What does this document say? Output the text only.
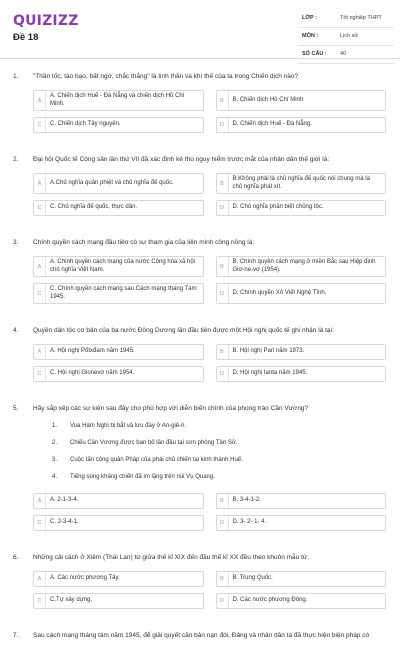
QUIZIZZ
Đề 18
LỚP :	Tốt nghiệp THPT
MÔN :	Lịch sử
SỐ CÂU : 40
1.	"Thần tốc, táo bạo, bất ngờ, chắc thắng" là tinh thần và khí thế của ta trong Chiến dịch nào?
A
A. Chiến dịch Huế - Đà Nẵng và chiến dịch Hồ Chí Minh.	B	B. Chiến dịch Hồ Chí Minh
C	C. Chiến dịch Tây nguyên.	D	D. Chiến dịch Huế - Đà Nẵng.
2.	Đại hội Quốc tế Cộng sản lần thứ VII đã xác định kẻ thù nguy hiểm trước mắt của nhân dân thế giới là:
A	A.Chủ nghĩa quân phiệt và chủ nghĩa đế quốc.	B
B.Không phải là chủ nghĩa đế quốc nói chung mà là chủ nghĩa phát xít.
C	C. Chủ nghĩa đế quốc, thực dân.	D	D. Chủ nghĩa phân biệt chủng tộc.
3.	Chính quyền cách mạng đầu tiên có sự tham gia của liên minh công nông là:
A
A. Chính quyền cách mạng của nước Cộng hòa xã hội chủ nghĩa Việt Nam.	B
B. Chính quyền cách mạng ở miền Bắc sau Hiệp định Giơ-ne-vơ (1954).
C
C. Chính quyền cách mạng sau Cách mạng tháng Tám 1945.	D	D. Chính quyền Xô Viết Nghệ Tĩnh.
4.	Quyền dân tộc cơ bản của ba nước Đông Dương lần đầu tiên được một Hội nghị quốc tế ghi nhận là tại:
A	A. Hội nghị Pốtxđam năm 1945.	B	B. Hội nghị Pari năm 1973.
C	C. Hội nghị Gionevơ năm 1954.	D	D. Hội nghị Ianta năm 1945.
5.	Hãy sắp xếp các sự kiện sau đây cho phù hợp với diễn biến chính của phong trào Cần Vương?
1.	Vua Hàm Nghi bị bắt và lưu đày ở An-giê-ri.
2.	Chiếu Cần Vương được ban bố lần đầu tại sơn phòng Tân Sở.
3.	Cuộc tấn công quân Pháp của phái chủ chiến tại kinh thành Huế.
4.	Tiếng súng kháng chiến đã im lặng trên núi Vụ Quang.
A	A. 2-1-3-4.	B	B. 3-4-1-2.
C	C. 2-3-4-1.	D	D. 3- 2- 1- 4.
6.	Những cải cách ở Xiêm (Thái Lan) từ giữa thế kỉ XIX đến đầu thế kỉ XX đều theo khuôn mẫu từ:
A	A. Các nước phương Tây.	B	B. Trung Quốc.
C	C.Tự xây dựng.	D	D. Các nước phương Đông.
7.	Sau cách mạng tháng tám năm 1945, để giải quyết căn bản nạn đói, Đảng và nhân dân ta đã thực hiện biện pháp có
